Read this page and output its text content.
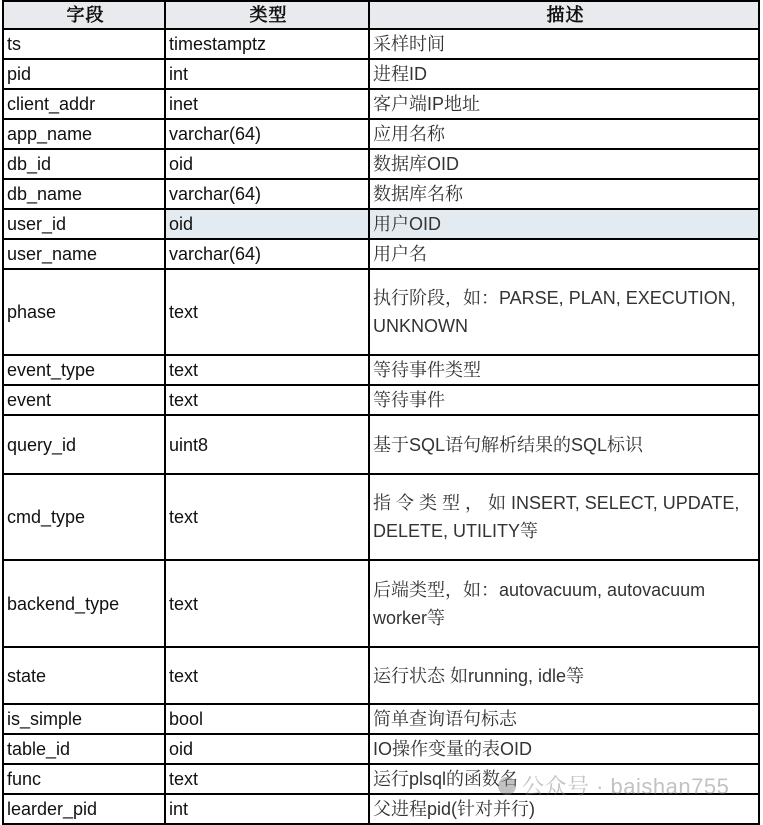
字段	类型	描述
ts	timestamptz	采样时间
pid	int	进程ID
client_addr	inet	客户端IP地址
app_name	varchar(64)	应用名称
db_id	oid	数据库OID
db_name	varchar(64)	数据库名称
user_id	oid	用户OID
user_name	varchar(64)	用户名
phase	text	执行阶段，如：PARSE, PLAN, EXECUTION, UNKNOWN
event_type	text	等待事件类型
event	text	等待事件
query_id	uint8	基于SQL语句解析结果的SQL标识
cmd_type	text	指 令 类 型 ， 如 INSERT, SELECT, UPDATE, DELETE, UTILITY等
backend_type	text	后端类型，如：autovacuum, autovacuum worker等
state	text	运行状态 如running, idle等
is_simple	bool	简单查询语句标志
table_id	oid	IO操作变量的表OID
func	text	运行plsql的函数名
learder_pid	int	父进程pid(针对并行)
公众号 · baishan755
